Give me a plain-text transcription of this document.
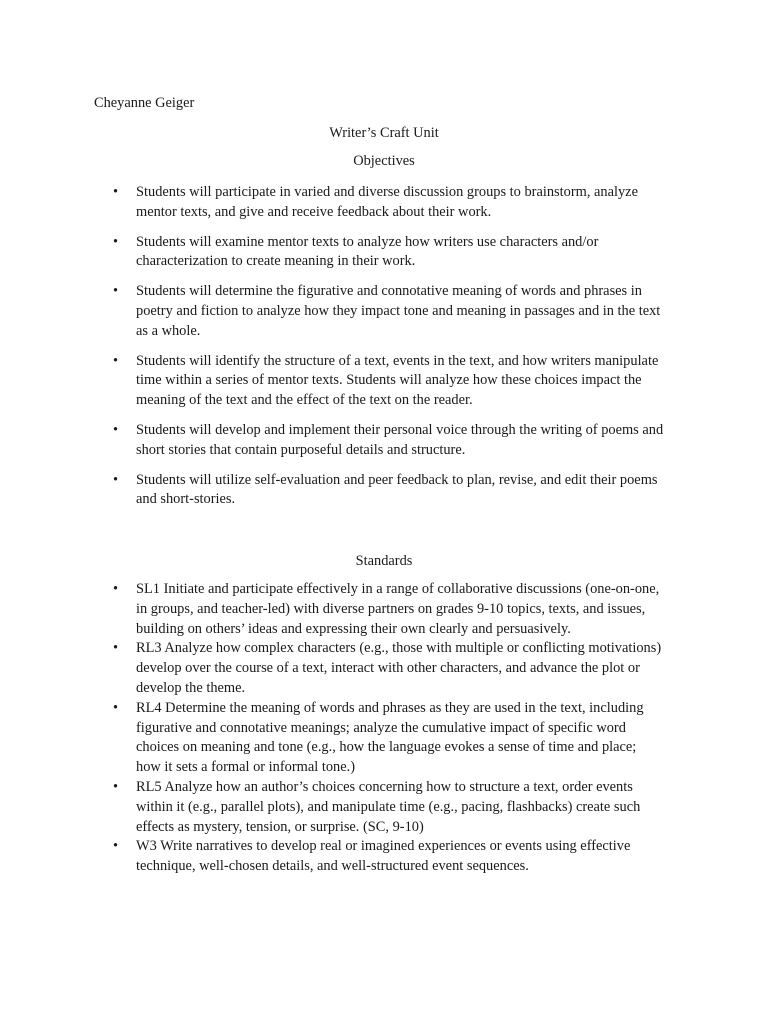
Cheyanne Geiger
Writer’s Craft Unit
Objectives
• Students will participate in varied and diverse discussion groups to brainstorm, analyze mentor texts, and give and receive feedback about their work.
• Students will examine mentor texts to analyze how writers use characters and/or characterization to create meaning in their work.
• Students will determine the figurative and connotative meaning of words and phrases in poetry and fiction to analyze how they impact tone and meaning in passages and in the text as a whole.
• Students will identify the structure of a text, events in the text, and how writers manipulate time within a series of mentor texts. Students will analyze how these choices impact the meaning of the text and the effect of the text on the reader.
• Students will develop and implement their personal voice through the writing of poems and short stories that contain purposeful details and structure.
• Students will utilize self-evaluation and peer feedback to plan, revise, and edit their poems and short-stories.
Standards
• SL1 Initiate and participate effectively in a range of collaborative discussions (one-on-one, in groups, and teacher-led) with diverse partners on grades 9-10 topics, texts, and issues, building on others’ ideas and expressing their own clearly and persuasively.
• RL3 Analyze how complex characters (e.g., those with multiple or conflicting motivations) develop over the course of a text, interact with other characters, and advance the plot or develop the theme.
• RL4 Determine the meaning of words and phrases as they are used in the text, including figurative and connotative meanings; analyze the cumulative impact of specific word choices on meaning and tone (e.g., how the language evokes a sense of time and place; how it sets a formal or informal tone.)
• RL5 Analyze how an author’s choices concerning how to structure a text, order events within it (e.g., parallel plots), and manipulate time (e.g., pacing, flashbacks) create such effects as mystery, tension, or surprise. (SC, 9-10)
• W3 Write narratives to develop real or imagined experiences or events using effective technique, well-chosen details, and well-structured event sequences.
